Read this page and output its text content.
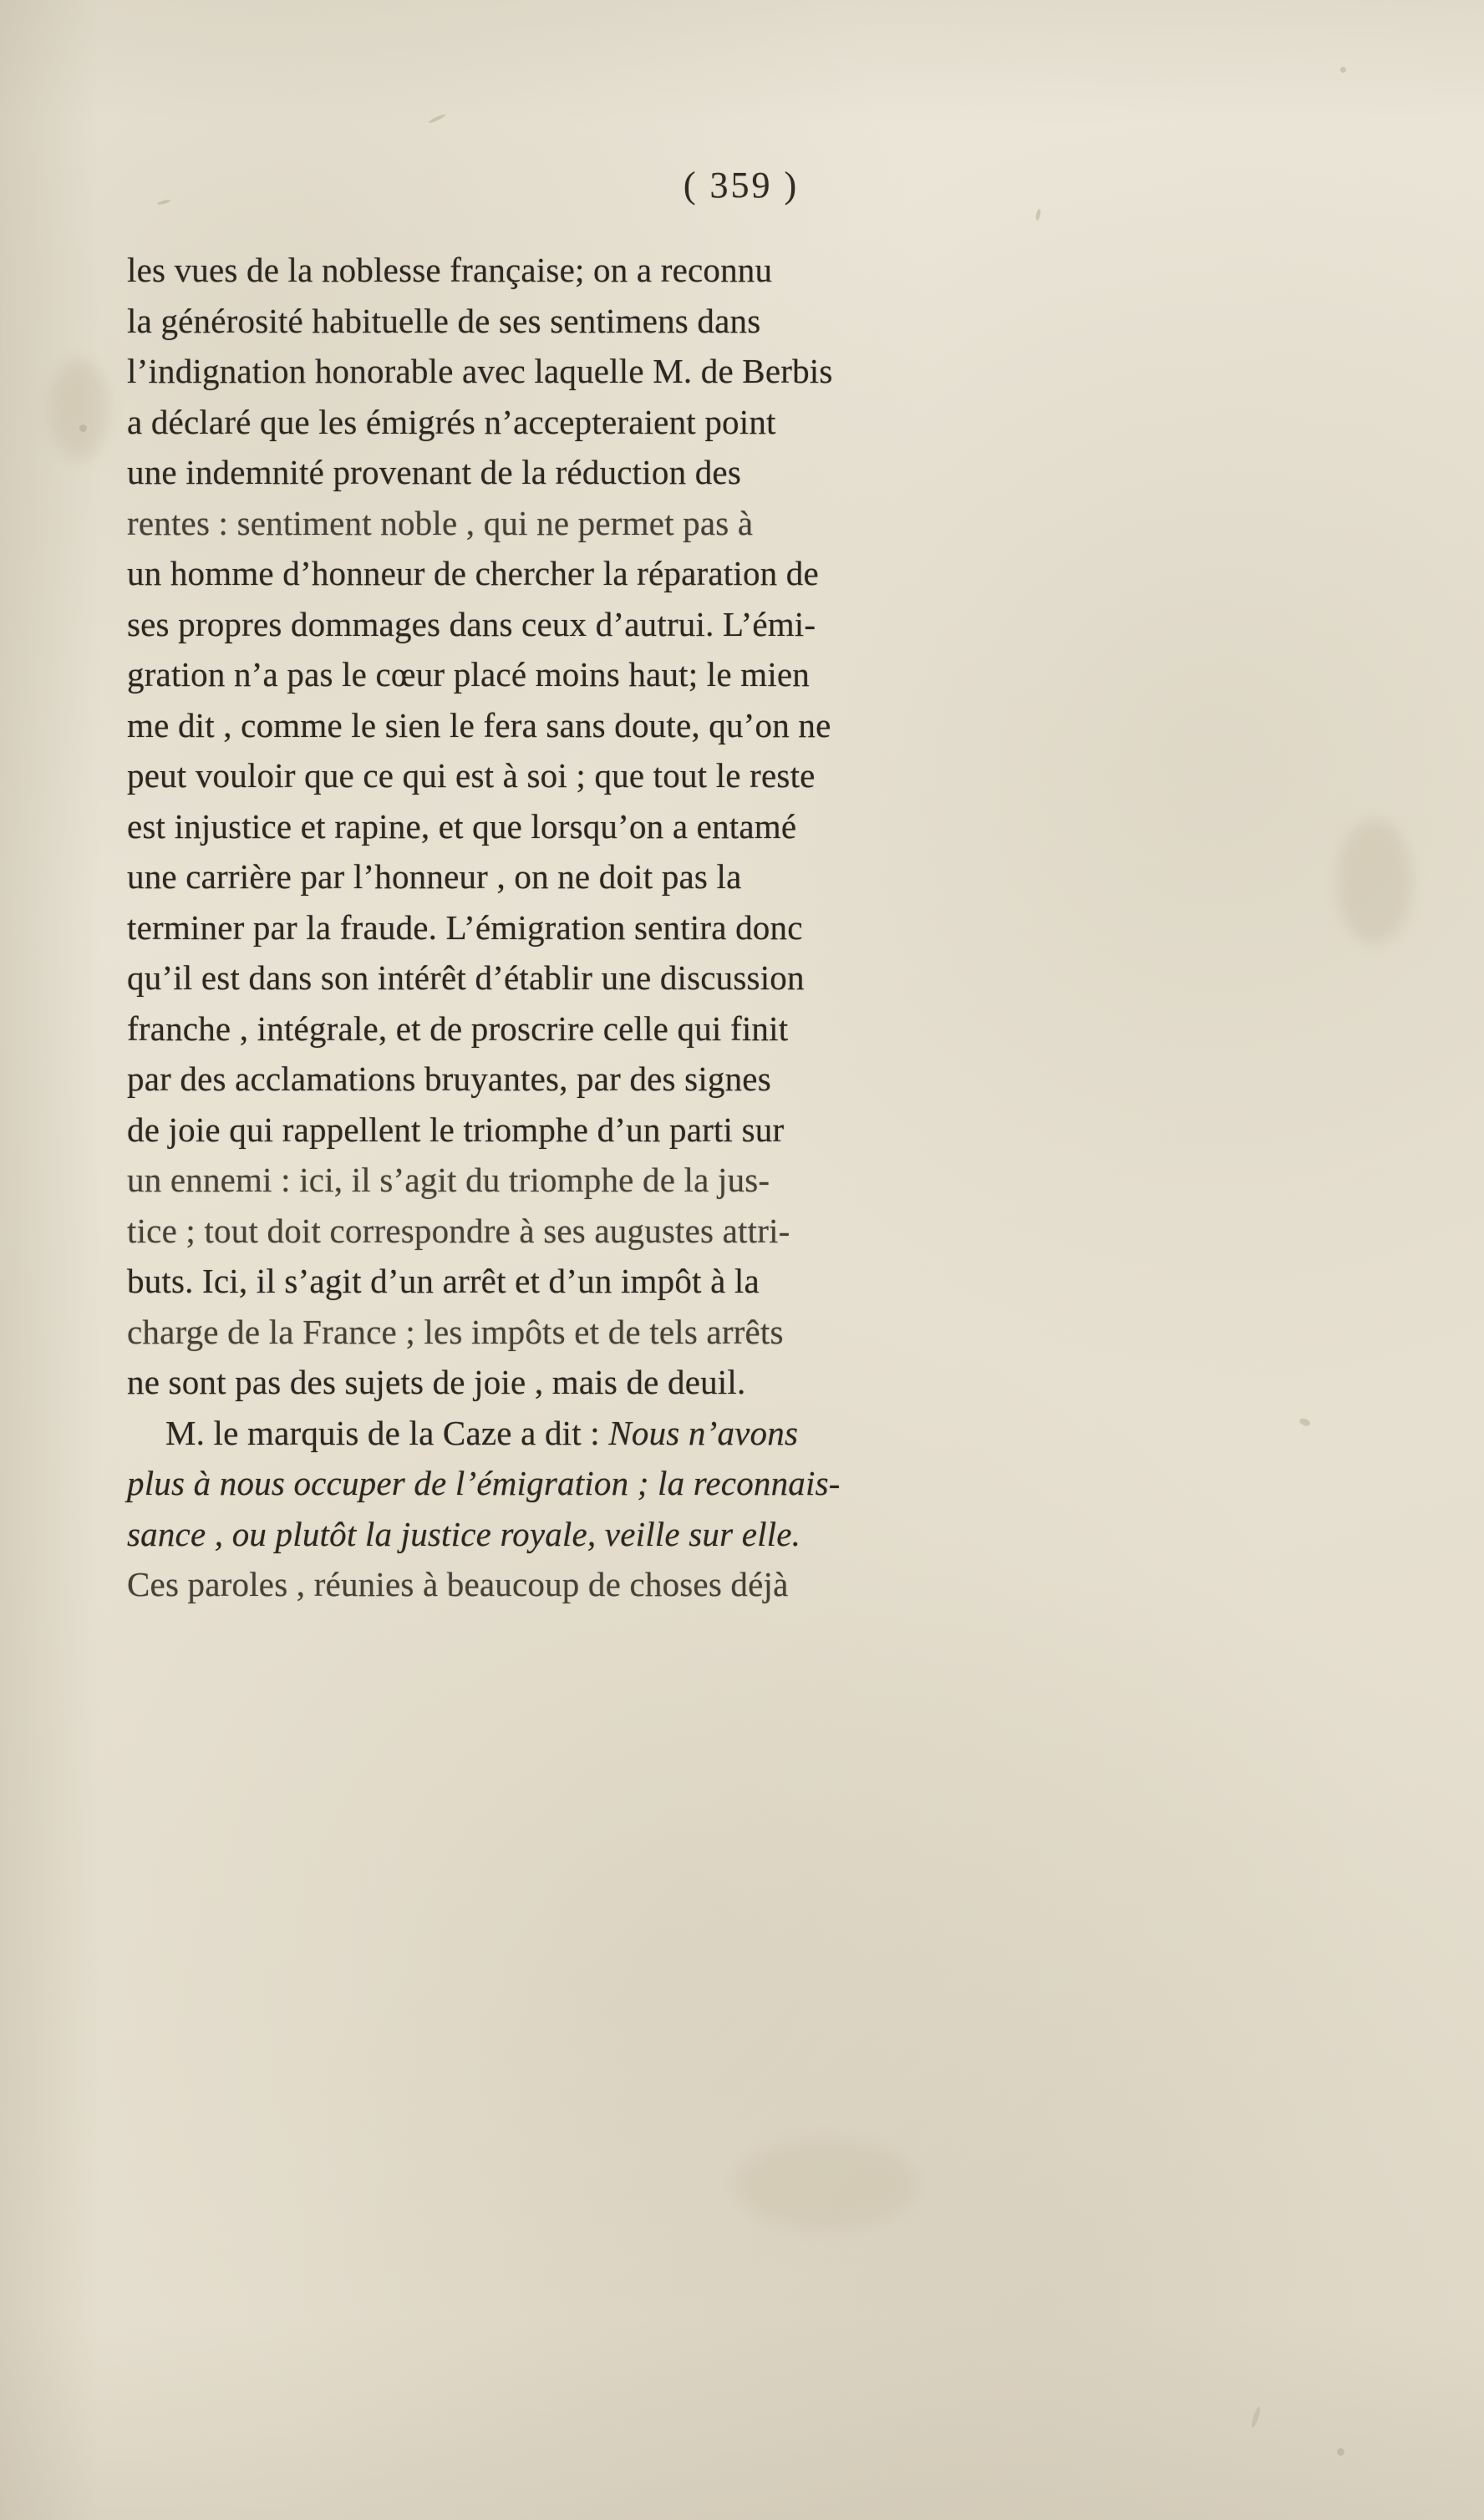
( 359 )
les vues de la noblesse française; on a reconnu
la générosité habituelle de ses sentimens dans
l’indignation honorable avec laquelle M. de Berbis
a déclaré que les émigrés n’accepteraient point
une indemnité provenant de la réduction des
rentes : sentiment noble , qui ne permet pas à
un homme d’honneur de chercher la réparation de
ses propres dommages dans ceux d’autrui. L’émi-
gration n’a pas le cœur placé moins haut; le mien
me dit , comme le sien le fera sans doute, qu’on ne
peut vouloir que ce qui est à soi ; que tout le reste
est injustice et rapine, et que lorsqu’on a entamé
une carrière par l’honneur , on ne doit pas la
terminer par la fraude. L’émigration sentira donc
qu’il est dans son intérêt d’établir une discussion
franche , intégrale, et de proscrire celle qui finit
par des acclamations bruyantes, par des signes
de joie qui rappellent le triomphe d’un parti sur
un ennemi : ici, il s’agit du triomphe de la jus-
tice ; tout doit correspondre à ses augustes attri-
buts. Ici, il s’agit d’un arrêt et d’un impôt à la
charge de la France ; les impôts et de tels arrêts
ne sont pas des sujets de joie , mais de deuil.
M. le marquis de la Caze a dit : Nous n’avons
plus à nous occuper de l’émigration ; la reconnais-
sance , ou plutôt la justice royale, veille sur elle.
Ces paroles , réunies à beaucoup de choses déjà
